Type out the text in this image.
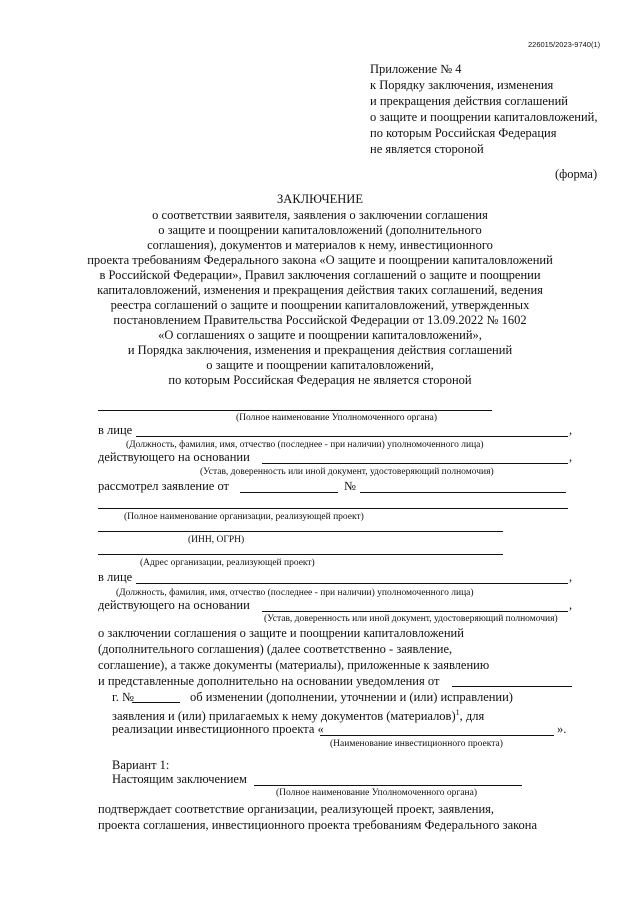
226015/2023-9740(1)
Приложение № 4
к Порядку заключения, изменения
и прекращения действия соглашений
о защите и поощрении капиталовложений,
по которым Российская Федерация
не является стороной
(форма)
ЗАКЛЮЧЕНИЕ
о соответствии заявителя, заявления о заключении соглашения
о защите и поощрении капиталовложений (дополнительного
соглашения), документов и материалов к нему, инвестиционного
проекта требованиям Федерального закона «О защите и поощрении капиталовложений
в Российской Федерации», Правил заключения соглашений о защите и поощрении
капиталовложений, изменения и прекращения действия таких соглашений, ведения
реестра соглашений о защите и поощрении капиталовложений, утвержденных
постановлением Правительства Российской Федерации от 13.09.2022 № 1602
«О соглашениях о защите и поощрении капиталовложений»,
и Порядка заключения, изменения и прекращения действия соглашений
о защите и поощрении капиталовложений,
по которым Российская Федерация не является стороной
(Полное наименование Уполномоченного органа)
в лице	,
(Должность, фамилия, имя, отчество (последнее - при наличии) уполномоченного лица)
действующего на основании	,
(Устав, доверенность или иной документ, удостоверяющий полномочия)
рассмотрел заявление от	№
(Полное наименование организации, реализующей проект)
(ИНН, ОГРН)
(Адрес организации, реализующей проект)
в лице	,
(Должность, фамилия, имя, отчество (последнее - при наличии) уполномоченного лица)
действующего на основании	,
(Устав, доверенность или иной документ, удостоверяющий полномочия)
о заключении соглашения о защите и поощрении капиталовложений
(дополнительного соглашения) (далее соответственно - заявление,
соглашение), а также документы (материалы), приложенные к заявлению
и представленные дополнительно на основании уведомления от
г. №	об изменении (дополнении, уточнении и (или) исправлении)
заявления и (или) прилагаемых к нему документов (материалов)$^1$, для
реализации инвестиционного проекта «	».
(Наименование инвестиционного проекта)
Вариант 1:
Настоящим заключением
(Полное наименование Уполномоченного органа)
подтверждает соответствие организации, реализующей проект, заявления,
проекта соглашения, инвестиционного проекта требованиям Федерального закона
